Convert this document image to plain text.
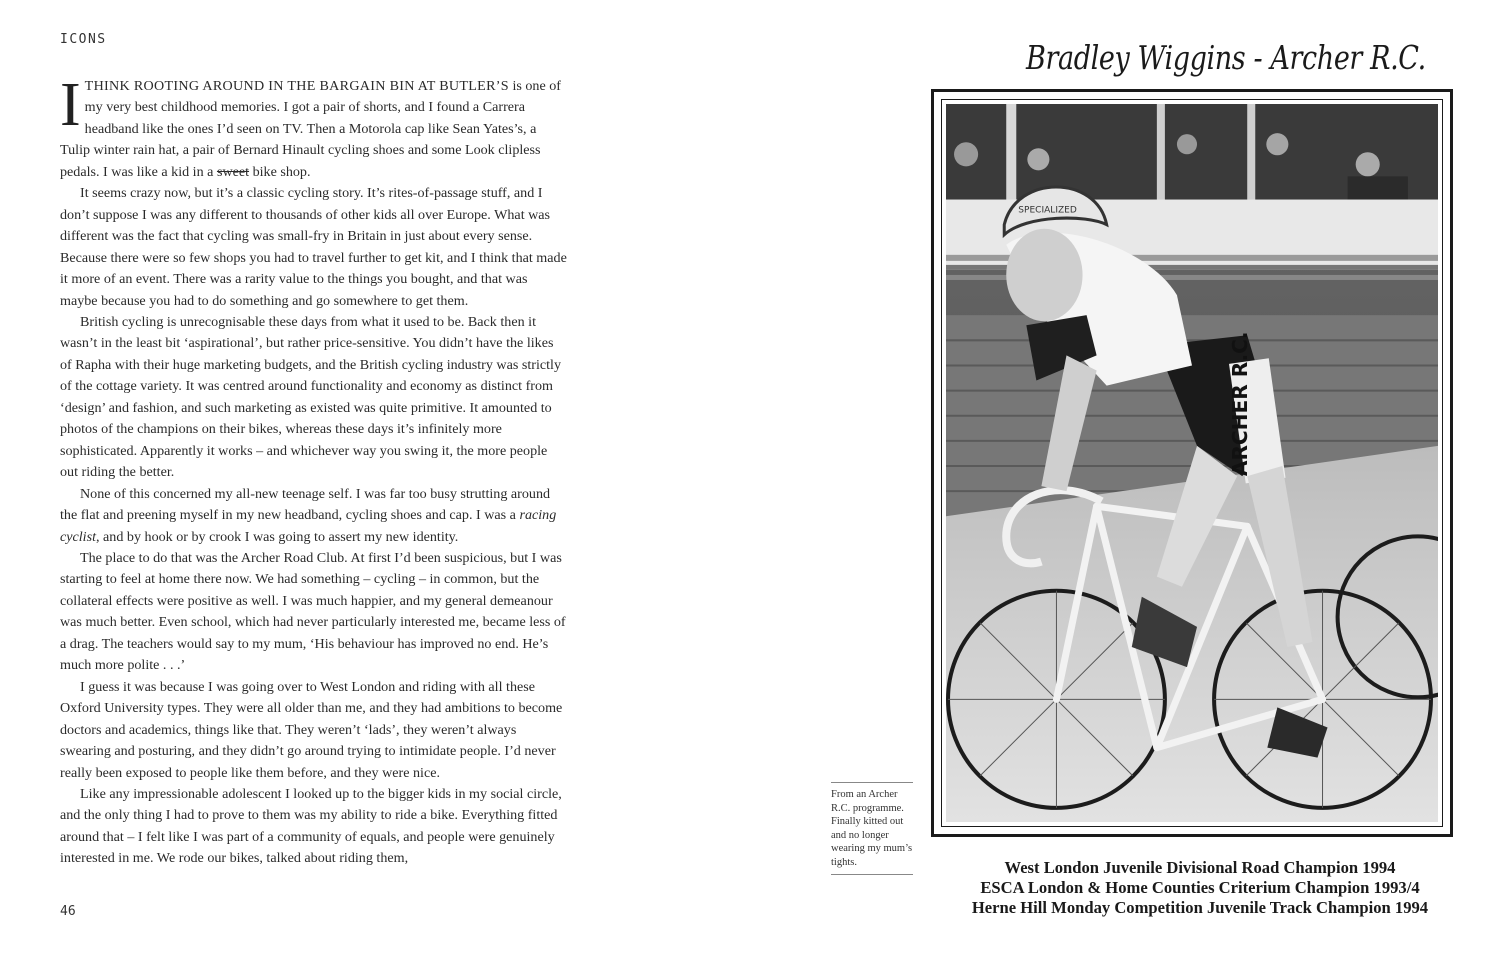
ICONS

ITHINK ROOTING AROUND IN THE BARGAIN BIN AT BUTLER’S is one of my very best childhood memories. I got a pair of shorts, and I found a Carrera headband like the ones I’d seen on TV. Then a Motorola cap like Sean Yates’s, a Tulip winter rain hat, a pair of Bernard Hinault cycling shoes and some Look clipless pedals. I was like a kid in a sweet bike shop.

It seems crazy now, but it’s a classic cycling story. It’s rites-of-passage stuff, and I don’t suppose I was any different to thousands of other kids all over Europe. What was different was the fact that cycling was small-fry in Britain in just about every sense. Because there were so few shops you had to travel further to get kit, and I think that made it more of an event. There was a rarity value to the things you bought, and that was maybe because you had to do something and go somewhere to get them.

British cycling is unrecognisable these days from what it used to be. Back then it wasn’t in the least bit ‘aspirational’, but rather price-sensitive. You didn’t have the likes of Rapha with their huge marketing budgets, and the British cycling industry was strictly of the cottage variety. It was centred around functionality and economy as distinct from ‘design’ and fashion, and such marketing as existed was quite primitive. It amounted to photos of the champions on their bikes, whereas these days it’s infinitely more sophisticated. Apparently it works – and whichever way you swing it, the more people out riding the better.

None of this concerned my all-new teenage self. I was far too busy strutting around the flat and preening myself in my new headband, cycling shoes and cap. I was a racing cyclist, and by hook or by crook I was going to assert my new identity.

The place to do that was the Archer Road Club. At first I’d been suspicious, but I was starting to feel at home there now. We had something – cycling – in common, but the collateral effects were positive as well. I was much happier, and my general demeanour was much better. Even school, which had never particularly interested me, became less of a drag. The teachers would say to my mum, ‘His behaviour has improved no end. He’s much more polite . . .’

I guess it was because I was going over to West London and riding with all these Oxford University types. They were all older than me, and they had ambitions to become doctors and academics, things like that. They weren’t ‘lads’, they weren’t always swearing and posturing, and they didn’t go around trying to intimidate people. I’d never really been exposed to people like them before, and they were nice.

Like any impressionable adolescent I looked up to the bigger kids in my social circle, and the only thing I had to prove to them was my ability to ride a bike. Everything fitted around that – I felt like I was part of a community of equals, and people were genuinely interested in me. We rode our bikes, talked about riding them,

46
From an Archer R.C. programme. Finally kitted out and no longer wearing my mum’s tights.
Bradley Wiggins - Archer R.C.
ARCHER R.C.
SPECIALIZED
West London Juvenile Divisional Road Champion 1994
ESCA London & Home Counties Criterium Champion 1993/4
Herne Hill Monday Competition Juvenile Track Champion 1994
